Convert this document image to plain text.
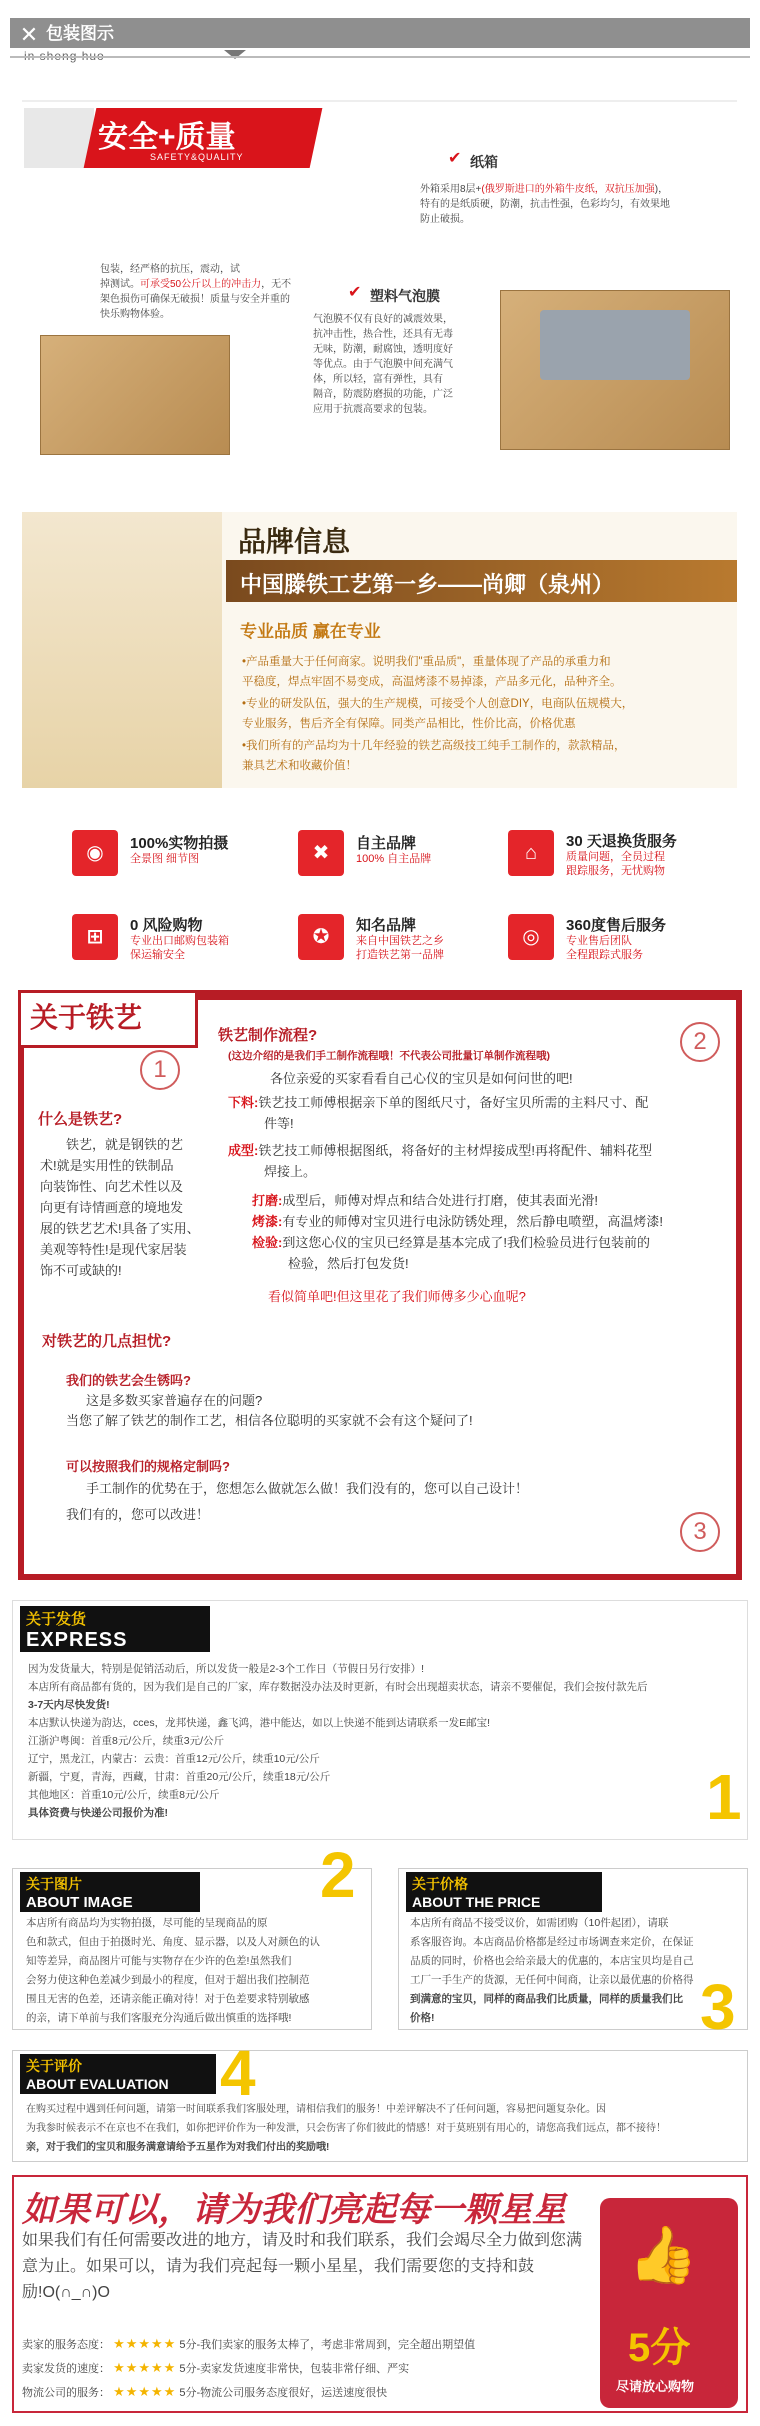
✕ 包装图示
安全+质量
SAFETY&QUALITY
包装，经严格的抗压，震动，试
掉测试。可承受50公斤以上的冲击力，无不
架色损伤可确保无破损！质量与安全并重的
快乐购物体验。
✔ 纸箱
外箱采用8层+(俄罗斯进口的外箱牛皮纸，双抗压加强)，
特有的是纸质硬，防潮，抗击性强，色彩均匀，有效果地
防止破损。
✔ 塑料气泡膜
气泡膜不仅有良好的减震效果，
抗冲击性，热合性，还具有无毒
无味，防潮，耐腐蚀，透明度好
等优点。由于气泡膜中间充满气
体，所以轻，富有弹性，具有
隔音，防震防磨损的功能，广泛
应用于抗震高要求的包装。
品牌信息
中国滕铁工艺第一乡——尚卿（泉州）
专业品质 赢在专业
•产品重量大于任何商家。说明我们"重品质"，重量体现了产品的承重力和
平稳度，焊点牢固不易变成，高温烤漆不易掉漆，产品多元化，品种齐全。
•专业的研发队伍，强大的生产规模，可接受个人创意DIY，电商队伍规模大，
专业服务，售后齐全有保障。同类产品相比，性价比高，价格优惠
•我们所有的产品均为十几年经验的铁艺高级技工纯手工制作的，款款精品，
兼具艺术和收藏价值！
◉	100%实物拍摄
全景图 细节图	✖	自主品牌
100% 自主品牌	⌂
30 天退换货服务
质量问题，全员过程
跟踪服务，无忧购物
⊞
0 风险购物
专业出口邮购包装箱
保运输安全
✪
知名品牌
来自中国铁艺之乡
打造铁艺第一品牌
◎
360度售后服务
专业售后团队
全程跟踪式服务
关于铁艺
1
2
3
什么是铁艺?
铁艺，就是钢铁的艺
术!就是实用性的铁制品
向装饰性、向艺术性以及
向更有诗情画意的境地发
展的铁艺艺术!具备了实用、
美观等特性!是现代家居装
饰不可或缺的!
铁艺制作流程?
(这边介绍的是我们手工制作流程哦！不代表公司批量订单制作流程哦)
各位亲爱的买家看看自己心仪的宝贝是如何问世的吧!
下料:铁艺技工师傅根据亲下单的图纸尺寸，备好宝贝所需的主料尺寸、配
件等!
成型:铁艺技工师傅根据图纸，将备好的主材焊接成型!再将配件、辅料花型
焊接上。
打磨:成型后，师傅对焊点和结合处进行打磨，使其表面光滑!
烤漆:有专业的师傅对宝贝进行电泳防锈处理，然后静电喷塑，高温烤漆!
检验:到这您心仪的宝贝已经算是基本完成了!我们检验员进行包装前的
检验，然后打包发货!
看似简单吧!但这里花了我们师傅多少心血呢?
对铁艺的几点担忧?
我们的铁艺会生锈吗?
这是多数买家普遍存在的问题?
当您了解了铁艺的制作工艺，相信各位聪明的买家就不会有这个疑问了!
可以按照我们的规格定制吗?
手工制作的优势在于，您想怎么做就怎么做！我们没有的，您可以自己设计！
我们有的，您可以改进！
关于发货
EXPRESS
因为发货量大，特别是促销活动后，所以发货一般是2-3个工作日（节假日另行安排）!
本店所有商品都有货的，因为我们是自己的厂家，库存数据没办法及时更新，有时会出现超卖状态，请亲不要催促，我们会按付款先后
3-7天内尽快发货!
本店默认快递为韵达，cces，龙邦快递，鑫飞鸿，港中能达，如以上快递不能到达请联系一发E邮宝!
江浙沪粤闽：首重8元/公斤，续重3元/公斤
辽宁，黑龙江，内蒙古：云贵：首重12元/公斤，续重10元/公斤
新疆，宁夏，青海，西藏，甘肃：首重20元/公斤，续重18元/公斤
其他地区：首重10元/公斤，续重8元/公斤
具体资费与快递公司报价为准!	1
关于图片
ABOUT IMAGE	2
本店所有商品均为实物拍摄，尽可能的呈现商品的原
色和款式，但由于拍摄时光、角度、显示器，以及人对颜色的认
知等差异，商品图片可能与实物存在少许的色差!虽然我们
会努力使这种色差减少到最小的程度，但对于超出我们控制范
围且无害的色差，还请亲能正确对待！对于色差要求特别敏感
的亲，请下单前与我们客服充分沟通后做出慎重的选择哦!
关于价格
ABOUT THE PRICE
本店所有商品不接受议价，如需团购（10件起团），请联
系客服咨询。本店商品价格都是经过市场调查来定价，在保证
品质的同时，价格也会给亲最大的优惠的，本店宝贝均是自己
工厂一手生产的货源，无任何中间商，让亲以最优惠的价格得
到满意的宝贝，同样的商品我们比质量，同样的质量我们比
价格!	3
关于评价
ABOUT EVALUATION 4
在购买过程中遇到任何问题，请第一时间联系我们客服处理，请相信我们的服务！中差评解决不了任何问题，容易把问题复杂化。因
为我参时候表示不在京也不在我们，如你把评价作为一种发泄，只会伤害了你们彼此的情感！对于莫班别有用心的，请您高我们远点，都不接待！
亲，对于我们的宝贝和服务满意请给予五星作为对我们付出的奖励哦!
如果可以，请为我们亮起每一颗星星
如果我们有任何需要改进的地方，请及时和我们联系，我们会竭尽全力做到您满意为止。如果可以，请为我们亮起每一颗小星星，我们需要您的支持和鼓励!O(∩_∩)O
卖家的服务态度： ★★★★★ 5分-我们卖家的服务太棒了，考虑非常周到，完全超出期望值
卖家发货的速度： ★★★★★ 5分-卖家发货速度非常快，包装非常仔细、严实
物流公司的服务： ★★★★★ 5分-物流公司服务态度很好，运送速度很快
👍
5分
尽请放心购物
